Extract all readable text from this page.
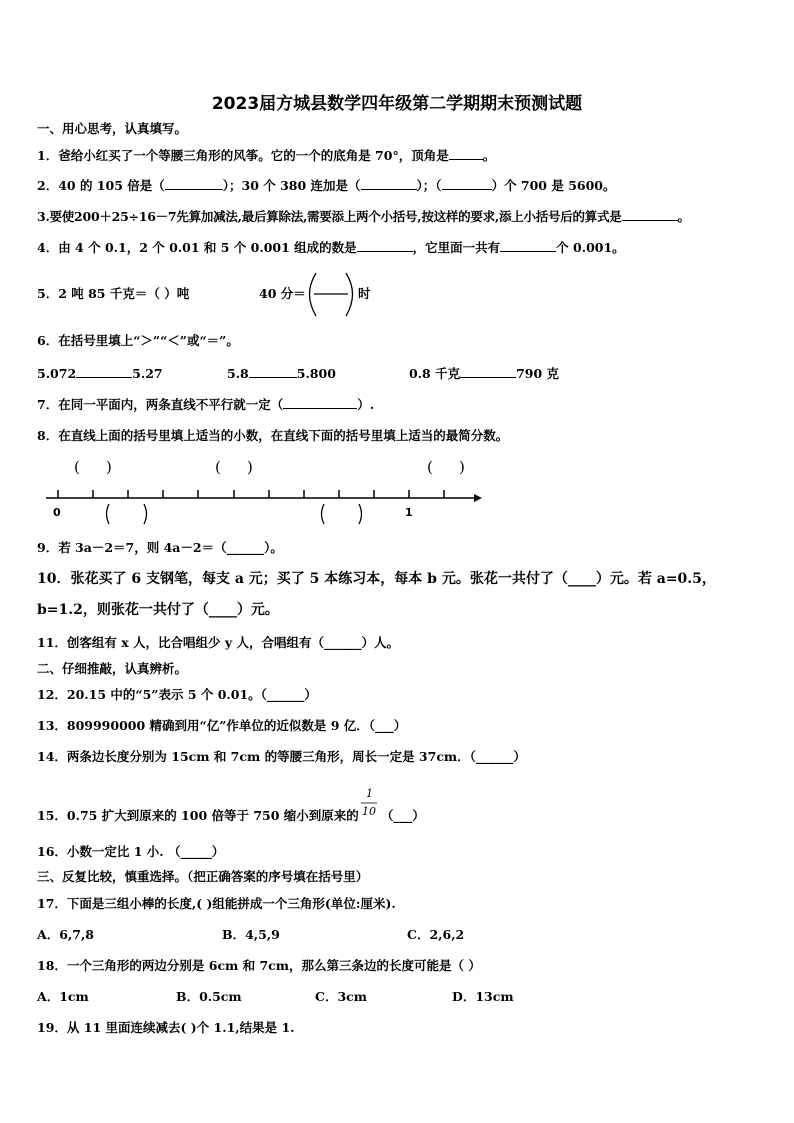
2023届方城县数学四年级第二学期期末预测试题
一、用心思考，认真填写。
1．爸给小红买了一个等腰三角形的风筝。它的一个的底角是 70°，顶角是	。
2．40 的 105 倍是（	）；30 个 380 连加是（	）；（	）个 700 是 5600。
3.要使200＋25÷16－7先算加减法,最后算除法,需要添上两个小括号,按这样的要求,添上小括号后的算式是	。
4．由 4 个 0.1，2 个 0.01 和 5 个 0.001 组成的数是	，它里面一共有	个 0.001。
5．2 吨 85 千克＝（ ）吨	40 分＝	时
6．在括号里填上“＞”“＜”或“＝”。
5.072	5.27	5.8	5.800	0.8 千克	790 克
7．在同一平面内，两条直线不平行就一定（	）.
8．在直线上面的括号里填上适当的小数，在直线下面的括号里填上适当的最简分数。
( )	( )	( )
0	1
9．若 3a－2＝7，则 4a－2＝（______）。
10．张花买了 6 支钢笔，每支 a 元；买了 5 本练习本，每本 b 元。张花一共付了（____）元。若 a=0.5，
b=1.2，则张花一共付了（____）元。
11．创客组有 x 人，比合唱组少 y 人，合唱组有（______）人。
二、仔细推敲，认真辨析。
12．20.15 中的“5”表示 5 个 0.01。（______）
13．809990000 精确到用“亿”作单位的近似数是 9 亿．（___）
14．两条边长度分别为 15cm 和 7cm 的等腰三角形，周长一定是 37cm．（______）
1
10
15．0.75 扩大到原来的 100 倍等于 750 缩小到原来的 （___）
16．小数一定比 1 小. （_____）
三、反复比较，慎重选择。（把正确答案的序号填在括号里）
17．下面是三组小棒的长度,( )组能拼成一个三角形(单位:厘米).
A．6,7,8	B．4,5,9	C．2,6,2
18．一个三角形的两边分别是 6cm 和 7cm，那么第三条边的长度可能是（ ）
A．1cm	B．0.5cm	C．3cm	D．13cm
19．从 11 里面连续减去( )个 1.1,结果是 1.
